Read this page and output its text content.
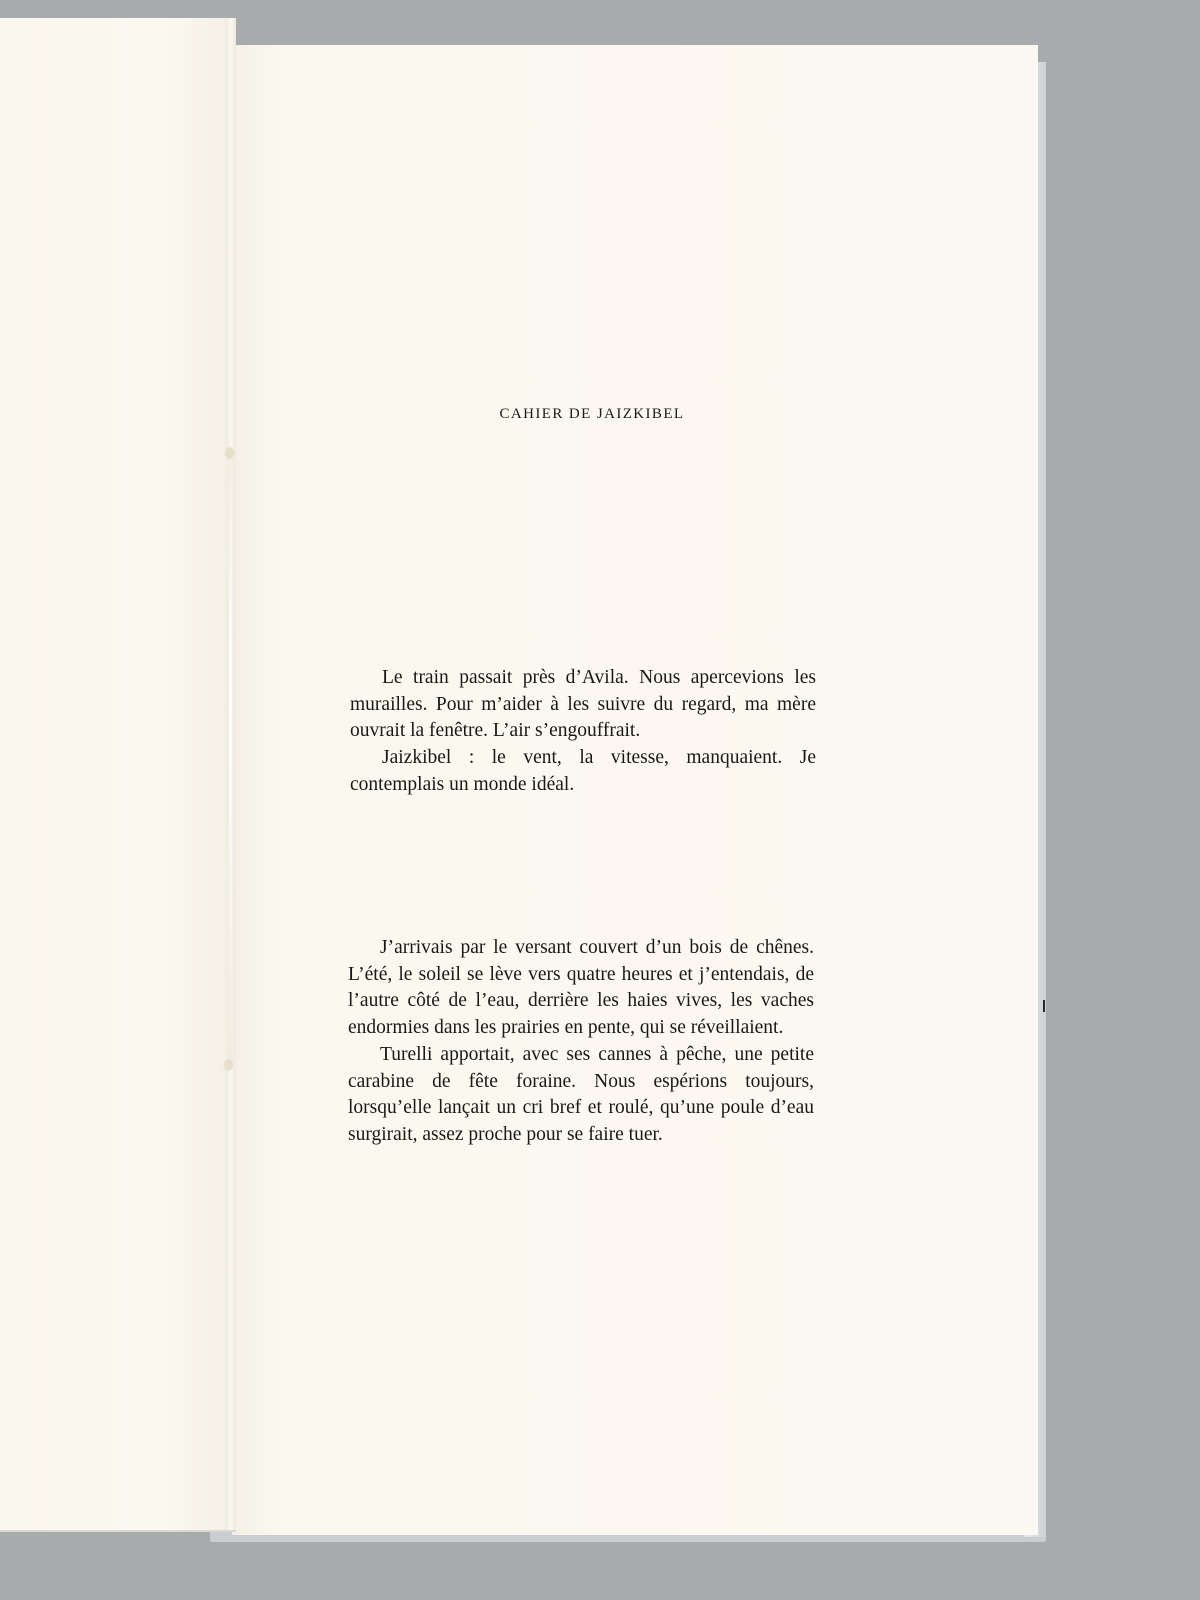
CAHIER DE JAIZKIBEL

Le train passait près d’Avila. Nous apercevions les murailles. Pour m’aider à les suivre du regard, ma mère ouvrait la fenêtre. L’air s’engouffrait.

Jaizkibel : le vent, la vitesse, manquaient. Je contemplais un monde idéal.

J’arrivais par le versant couvert d’un bois de chênes. L’été, le soleil se lève vers quatre heures et j’entendais, de l’autre côté de l’eau, derrière les haies vives, les vaches endormies dans les prairies en pente, qui se réveillaient.

Turelli apportait, avec ses cannes à pêche, une petite carabine de fête foraine. Nous espérions toujours, lorsqu’elle lançait un cri bref et roulé, qu’une poule d’eau surgirait, assez proche pour se faire tuer.
